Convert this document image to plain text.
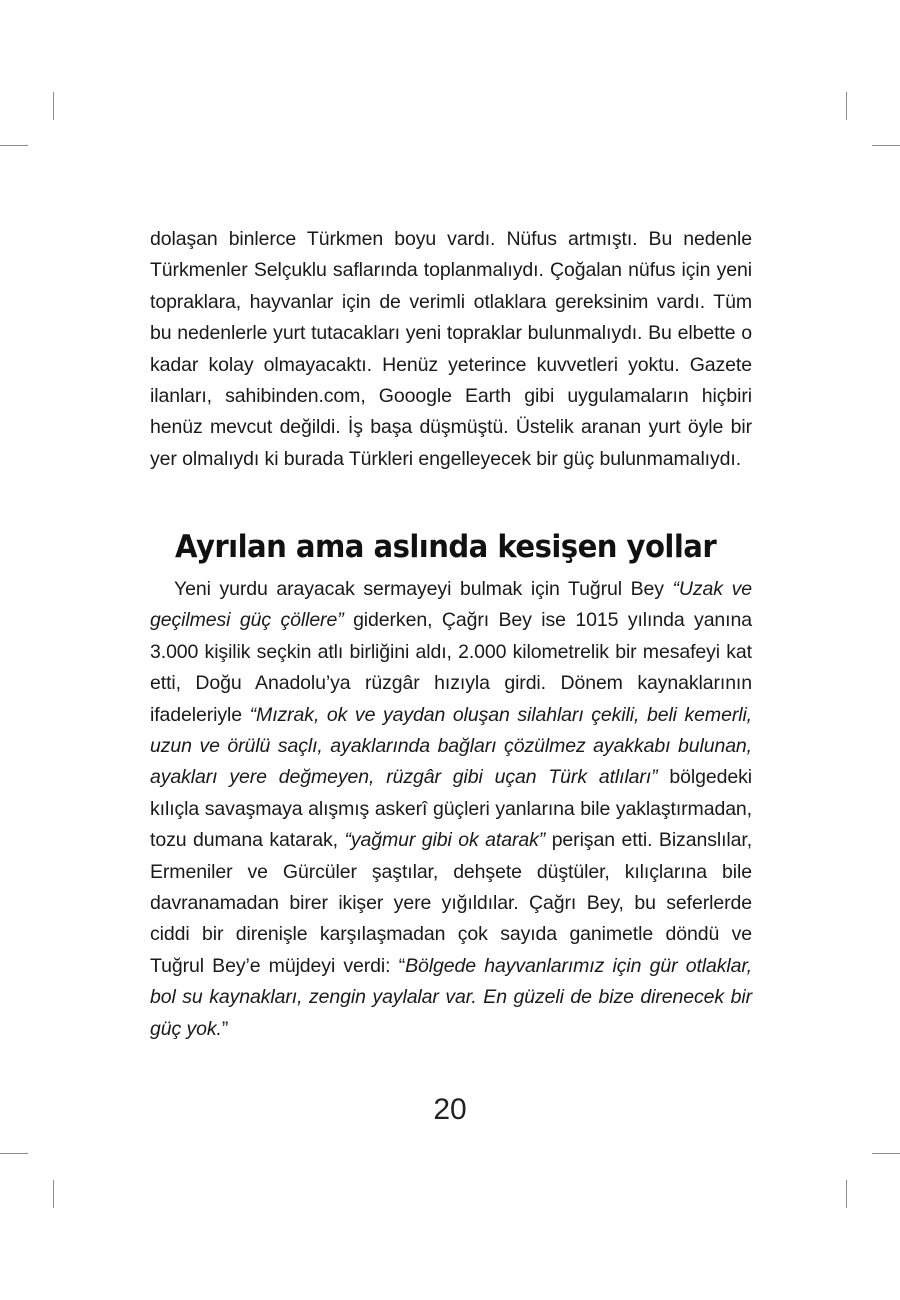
dolaşan binlerce Türkmen boyu vardı. Nüfus artmıştı. Bu nedenle Türkmenler Selçuklu saflarında toplanmalıydı. Çoğalan nüfus için yeni topraklara, hayvanlar için de verimli otlaklara gereksinim vardı. Tüm bu nedenlerle yurt tutacakları yeni topraklar bulunmalıydı. Bu elbette o kadar kolay olmayacaktı. Henüz yeterince kuvvetleri yoktu. Gazete ilanları, sahibinden.com, Gooogle Earth gibi uygulamaların hiçbiri henüz mevcut değildi. İş başa düşmüştü. Üstelik aranan yurt öyle bir yer olmalıydı ki burada Türkleri engelleyecek bir güç bulunmamalıydı.

Ayrılan ama aslında kesişen yollar

Yeni yurdu arayacak sermayeyi bulmak için Tuğrul Bey “Uzak ve geçilmesi güç çöllere” giderken, Çağrı Bey ise 1015 yılında yanına 3.000 kişilik seçkin atlı birliğini aldı, 2.000 kilometrelik bir mesafeyi kat etti, Doğu Anadolu’ya rüzgâr hızıyla girdi. Dönem kaynaklarının ifadeleriyle “Mızrak, ok ve yaydan oluşan silahları çekili, beli kemerli, uzun ve örülü saçlı, ayaklarında bağları çözülmez ayakkabı bulunan, ayakları yere değmeyen, rüzgâr gibi uçan Türk atlıları” bölgedeki kılıçla savaşmaya alışmış askerî güçleri yanlarına bile yaklaştırmadan, tozu dumana katarak, “yağmur gibi ok atarak” perişan etti. Bizanslılar, Ermeniler ve Gürcüler şaştılar, dehşete düştüler, kılıçlarına bile davranamadan birer ikişer yere yığıldılar. Çağrı Bey, bu seferlerde ciddi bir direnişle karşılaşmadan çok sayıda ganimetle döndü ve Tuğrul Bey’e müjdeyi verdi: “Bölgede hayvanlarımız için gür otlaklar, bol su kaynakları, zengin yaylalar var. En güzeli de bize direnecek bir güç yok.”

20
